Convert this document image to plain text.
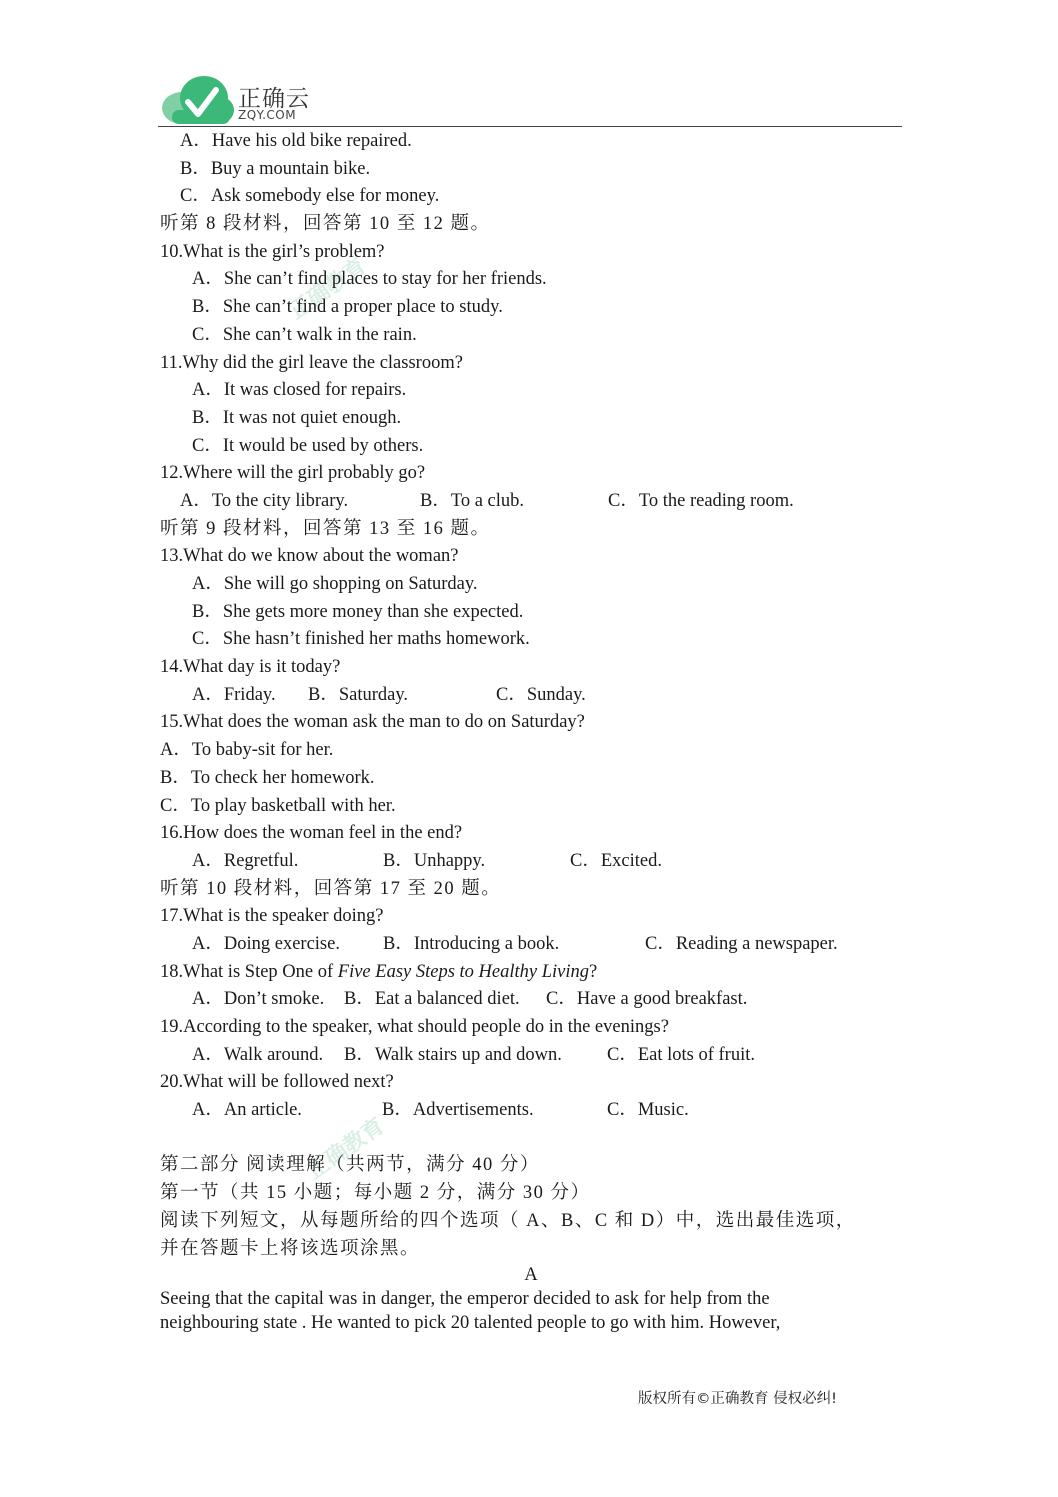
正确云
ZQY.COM
正确教育
正确教育
A．Have his old bike repaired.
B．Buy a mountain bike.
C．Ask somebody else for money.
听第 8 段材料，回答第 10 至 12 题。
10.What is the girl’s problem?
A．She can’t find places to stay for her friends.
B．She can’t find a proper place to study.
C．She can’t walk in the rain.
11.Why did the girl leave the classroom?
A．It was closed for repairs.
B．It was not quiet enough.
C．It would be used by others.
12.Where will the girl probably go?
A．To the city library.	B．To a club.	C．To the reading room.
听第 9 段材料，回答第 13 至 16 题。
13.What do we know about the woman?
A．She will go shopping on Saturday.
B．She gets more money than she expected.
C．She hasn’t finished her maths homework.
14.What day is it today?
A．Friday. B．Saturday.	C．Sunday.
15.What does the woman ask the man to do on Saturday?
A．To baby-sit for her.
B．To check her homework.
C．To play basketball with her.
16.How does the woman feel in the end?
A．Regretful.	B．Unhappy.	C．Excited.
听第 10 段材料，回答第 17 至 20 题。
17.What is the speaker doing?
A．Doing exercise. B．Introducing a book.	C．Reading a newspaper.
18.What is Step One of Five Easy Steps to Healthy Living?
A．Don’t smoke. B．Eat a balanced diet. C．Have a good breakfast.
19.According to the speaker, what should people do in the evenings?
A．Walk around. B．Walk stairs up and down. C．Eat lots of fruit.
20.What will be followed next?
A．An article.	B．Advertisements.	C．Music.
第二部分 阅读理解（共两节，满分 40 分）
第一节（共 15 小题；每小题 2 分，满分 30 分）
阅读下列短文，从每题所给的四个选项（ A、B、C 和 D）中，选出最佳选项，
并在答题卡上将该选项涂黑。
A
Seeing that the capital was in danger, the emperor decided to ask for help from the
neighbouring state . He wanted to pick 20 talented people to go with him. However,
版权所有©正确教育 侵权必纠!
